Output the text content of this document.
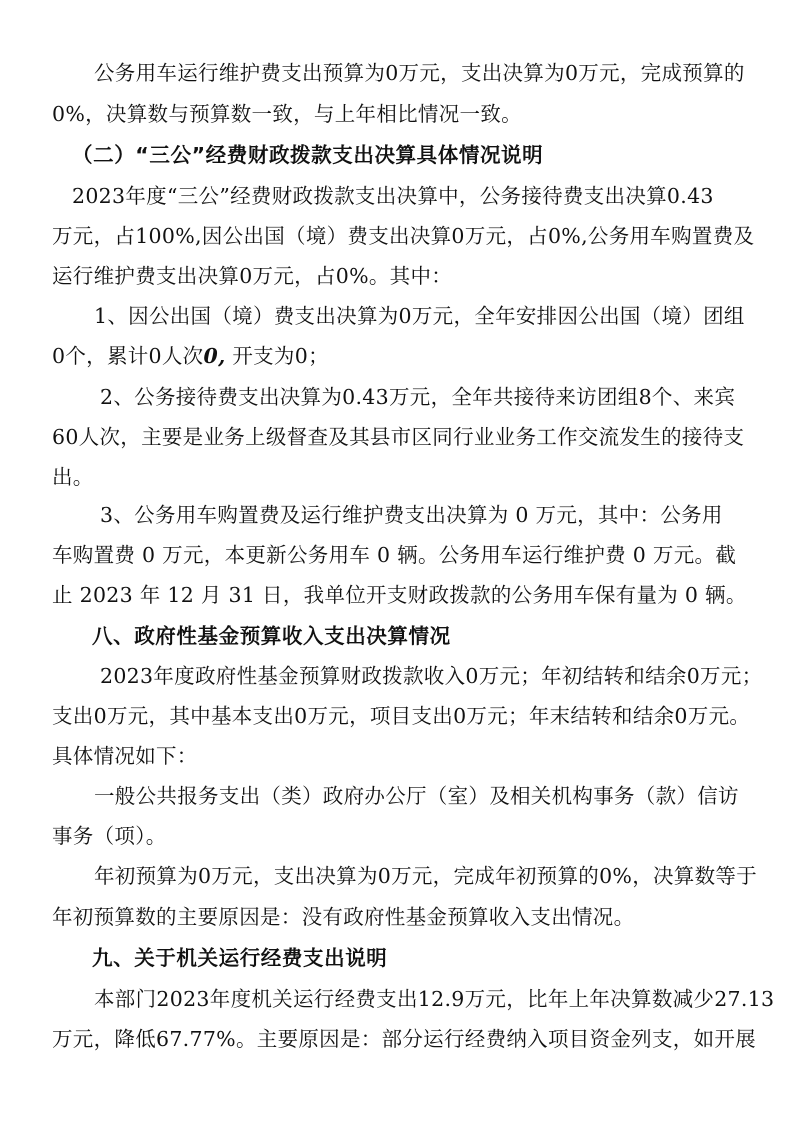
公务用车运行维护费支出预算为0万元，支出决算为0万元，完成预算的
0%，决算数与预算数一致，与上年相比情况一致。
（二）“三公”经费财政拨款支出决算具体情况说明
2023年度“三公”经费财政拨款支出决算中，公务接待费支出决算0.43
万元，占100%,因公出国（境）费支出决算0万元，占0%,公务用车购置费及
运行维护费支出决算0万元，占0%。其中：
1、因公出国（境）费支出决算为0万元，全年安排因公出国（境）团组
0个，累计0人次0, 开支为0；
2、公务接待费支出决算为0.43万元，全年共接待来访团组8个、来宾
60人次，主要是业务上级督查及其县市区同行业业务工作交流发生的接待支
出。
3、公务用车购置费及运行维护费支出决算为 0 万元，其中：公务用
车购置费 0 万元，本更新公务用车 0 辆。公务用车运行维护费 0 万元。截
止 2023 年 12 月 31 日，我单位开支财政拨款的公务用车保有量为 0 辆。
八、政府性基金预算收入支出决算情况
2023年度政府性基金预算财政拨款收入0万元；年初结转和结余0万元；
支出0万元，其中基本支出0万元，项目支出0万元；年末结转和结余0万元。
具体情况如下：
一般公共报务支出（类）政府办公厅（室）及相关机构事务（款）信访
事务（项）。
年初预算为0万元，支出决算为0万元，完成年初预算的0%，决算数等于
年初预算数的主要原因是：没有政府性基金预算收入支出情况。
九、关于机关运行经费支出说明
本部门2023年度机关运行经费支出12.9万元，比年上年决算数减少27.13
万元，降低67.77%。主要原因是：部分运行经费纳入项目资金列支，如开展
